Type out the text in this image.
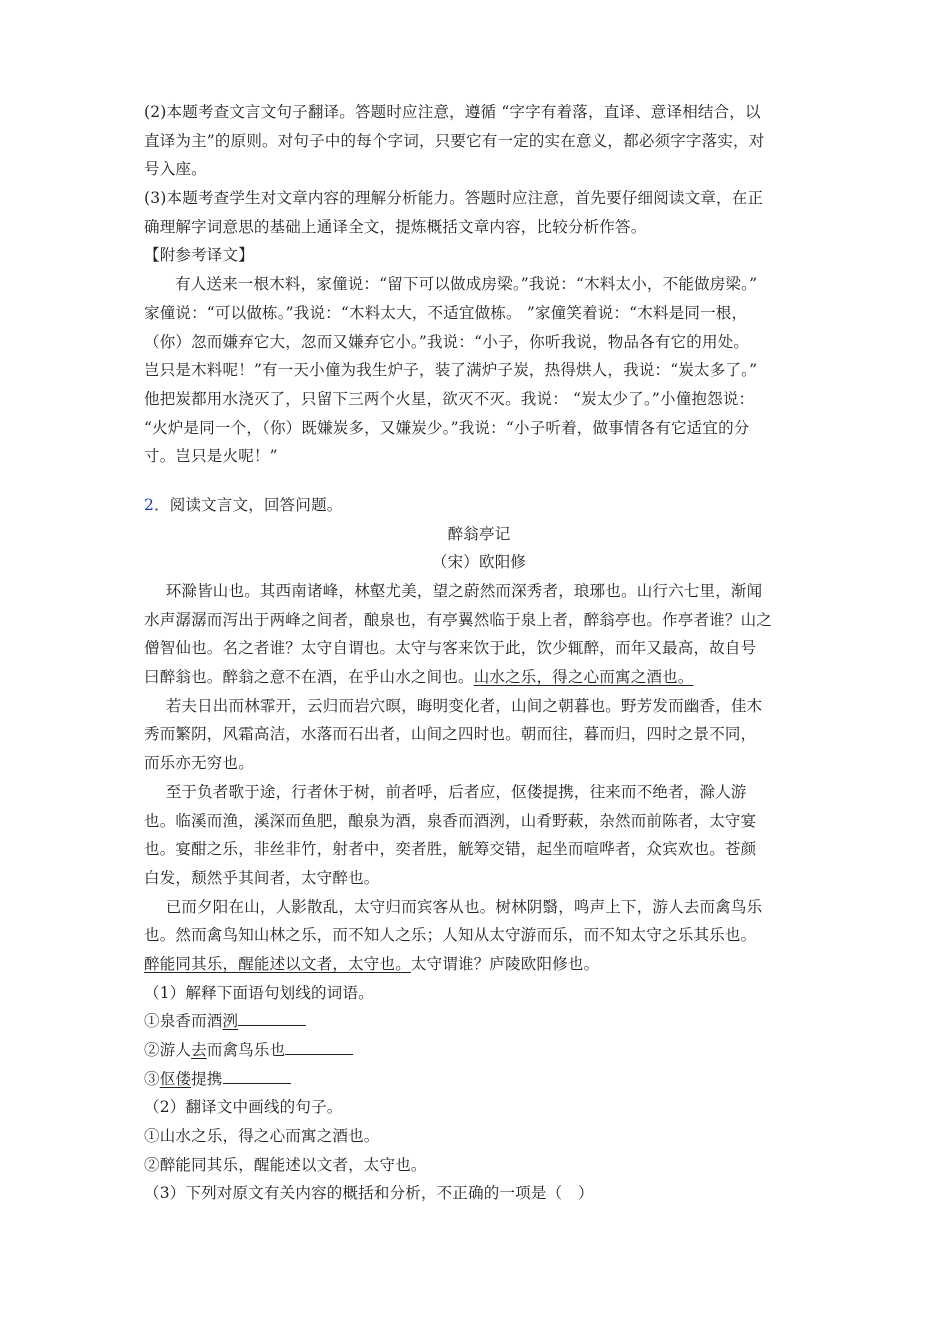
(2)本题考查文言文句子翻译。答题时应注意，遵循 “字字有着落，直译、意译相结合，以
直译为主”的原则。对句子中的每个字词，只要它有一定的实在意义，都必须字字落实，对
号入座。
(3)本题考查学生对文章内容的理解分析能力。答题时应注意，首先要仔细阅读文章，在正
确理解字词意思的基础上通译全文，提炼概括文章内容，比较分析作答。
【附参考译文】
有人送来一根木料，家僮说：“留下可以做成房梁。”我说：“木料太小，不能做房梁。”
家僮说：“可以做栋。”我说：“木料太大，不适宜做栋。 ”家僮笑着说：“木料是同一根，
（你）忽而嫌弃它大，忽而又嫌弃它小。”我说：“小子，你听我说，物品各有它的用处。
岂只是木料呢！”有一天小僮为我生炉子，装了满炉子炭，热得烘人，我说：“炭太多了。”
他把炭都用水浇灭了，只留下三两个火星，欲灭不灭。我说： “炭太少了。”小僮抱怨说：
“火炉是同一个，（你）既嫌炭多，又嫌炭少。”我说：“小子听着，做事情各有它适宜的分
寸。岂只是火呢！”
2．阅读文言文，回答问题。
醉翁亭记
（宋）欧阳修
环滁皆山也。其西南诸峰，林壑尤美，望之蔚然而深秀者，琅琊也。山行六七里，渐闻
水声潺潺而泻出于两峰之间者，酿泉也，有亭翼然临于泉上者，醉翁亭也。作亭者谁？山之
僧智仙也。名之者谁？太守自谓也。太守与客来饮于此，饮少辄醉，而年又最高，故自号
曰醉翁也。醉翁之意不在酒，在乎山水之间也。山水之乐，得之心而寓之酒也。
若夫日出而林霏开，云归而岩穴暝，晦明变化者，山间之朝暮也。野芳发而幽香，佳木
秀而繁阴，风霜高洁，水落而石出者，山间之四时也。朝而往，暮而归，四时之景不同，
而乐亦无穷也。
至于负者歌于途，行者休于树，前者呼，后者应，伛偻提携，往来而不绝者，滁人游
也。临溪而渔，溪深而鱼肥，酿泉为酒，泉香而酒洌，山肴野蔌，杂然而前陈者，太守宴
也。宴酣之乐，非丝非竹，射者中，奕者胜，觥筹交错，起坐而喧哗者，众宾欢也。苍颜
白发，颓然乎其间者，太守醉也。
已而夕阳在山，人影散乱，太守归而宾客从也。树林阴翳，鸣声上下，游人去而禽鸟乐
也。然而禽鸟知山林之乐，而不知人之乐；人知从太守游而乐，而不知太守之乐其乐也。
醉能同其乐，醒能述以文者，太守也。太守谓谁？庐陵欧阳修也。
（1）解释下面语句划线的词语。
①泉香而酒洌
②游人去而禽鸟乐也
③伛偻提携
（2）翻译文中画线的句子。
①山水之乐，得之心而寓之酒也。
②醉能同其乐，醒能述以文者，太守也。
（3）下列对原文有关内容的概括和分析，不正确的一项是（　）
